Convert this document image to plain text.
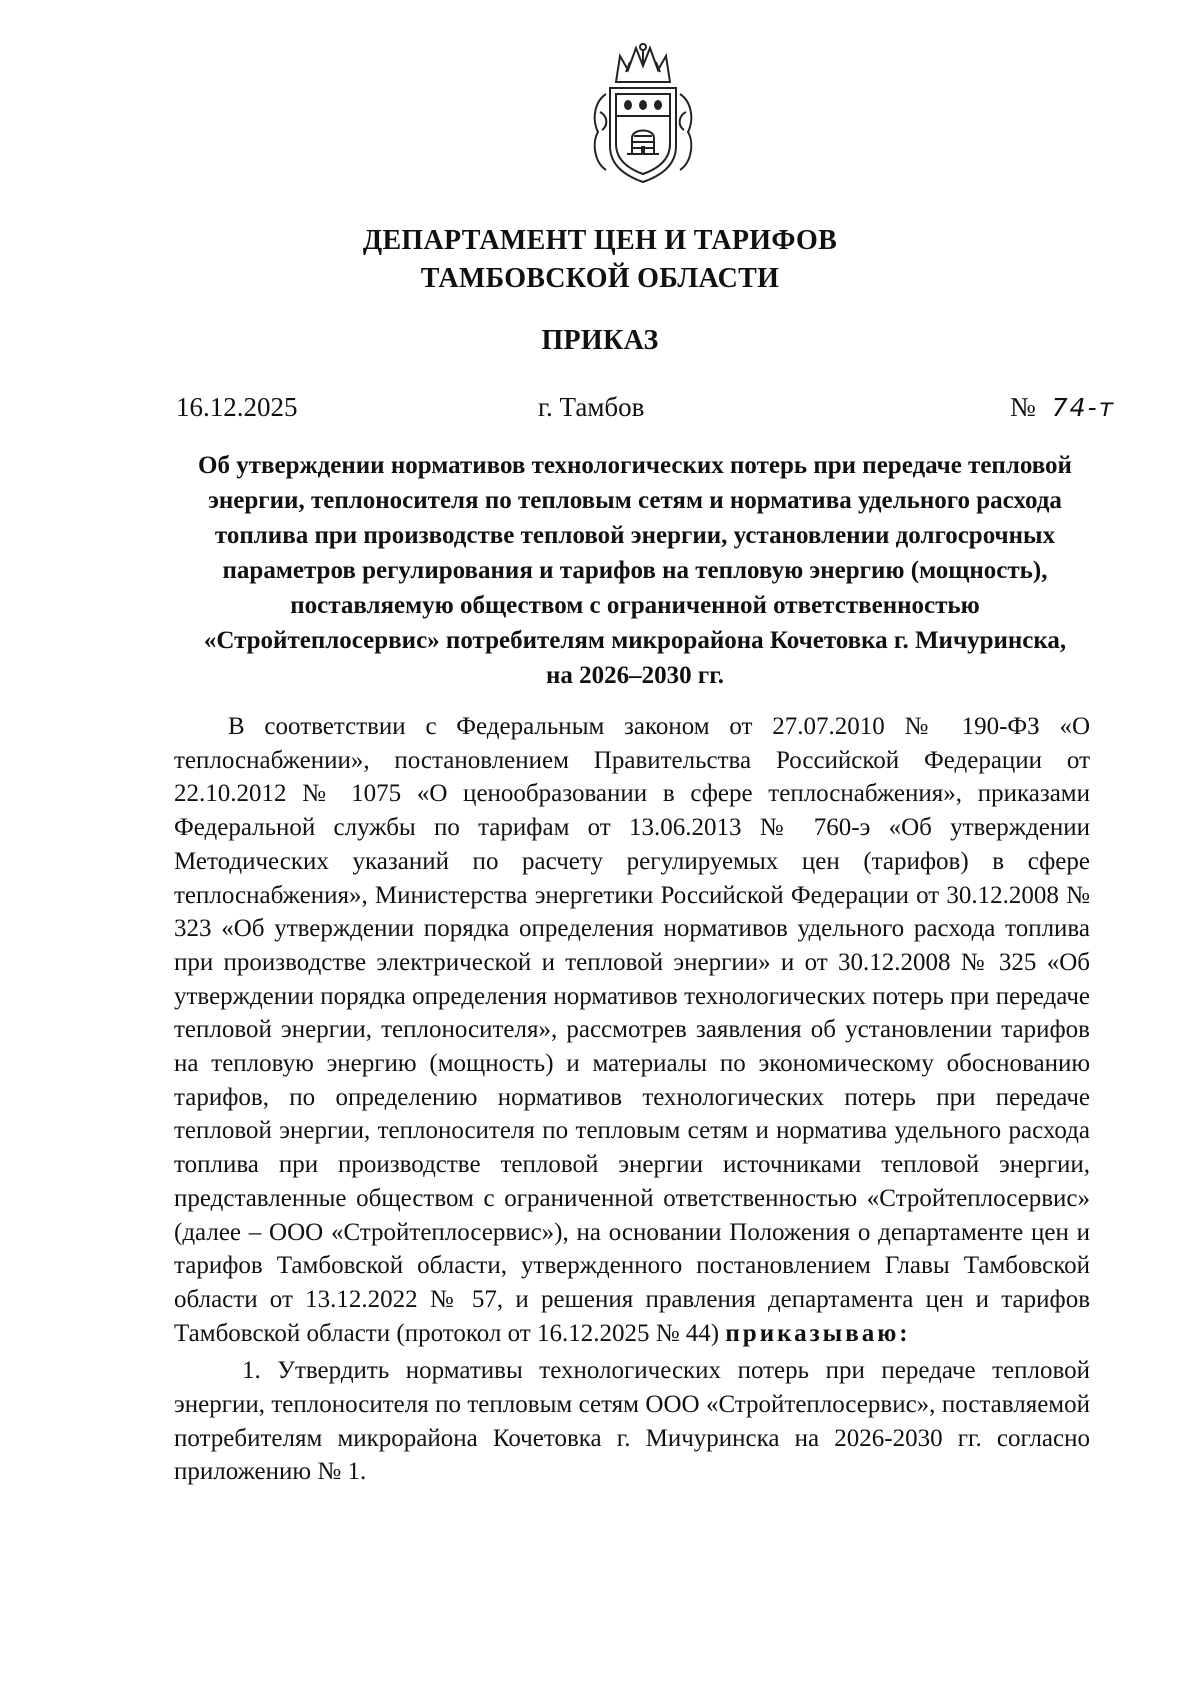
ДЕПАРТАМЕНТ ЦЕН И ТАРИФОВ
ТАМБОВСКОЙ ОБЛАСТИ
ПРИКАЗ
16.12.2025	г. Тамбов	№ 74-т
Об утверждении нормативов технологических потерь при передаче тепловой энергии, теплоносителя по тепловым сетям и норматива удельного расхода топлива при производстве тепловой энергии, установлении долгосрочных параметров регулирования и тарифов на тепловую энергию (мощность), поставляемую обществом с ограниченной ответственностью «Стройтеплосервис» потребителям микрорайона Кочетовка г. Мичуринска, на 2026–2030 гг.

В соответствии с Федеральным законом от 27.07.2010 № 190-ФЗ «О теплоснабжении», постановлением Правительства Российской Федерации от 22.10.2012 № 1075 «О ценообразовании в сфере теплоснабжения», приказами Федеральной службы по тарифам от 13.06.2013 № 760-э «Об утверждении Методических указаний по расчету регулируемых цен (тарифов) в сфере теплоснабжения», Министерства энергетики Российской Федерации от 30.12.2008 № 323 «Об утверждении порядка определения нормативов удельного расхода топлива при производстве электрической и тепловой энергии» и от 30.12.2008 № 325 «Об утверждении порядка определения нормативов технологических потерь при передаче тепловой энергии, теплоносителя», рассмотрев заявления об установлении тарифов на тепловую энергию (мощность) и материалы по экономическому обоснованию тарифов, по определению нормативов технологических потерь при передаче тепловой энергии, теплоносителя по тепловым сетям и норматива удельного расхода топлива при производстве тепловой энергии источниками тепловой энергии, представленные обществом с ограниченной ответственностью «Стройтеплосервис» (далее – ООО «Стройтеплосервис»), на основании Положения о департаменте цен и тарифов Тамбовской области, утвержденного постановлением Главы Тамбовской области от 13.12.2022 № 57, и решения правления департамента цен и тарифов Тамбовской области (протокол от 16.12.2025 № 44) приказываю:

1. Утвердить нормативы технологических потерь при передаче тепловой энергии, теплоносителя по тепловым сетям ООО «Стройтеплосервис», поставляемой потребителям микрорайона Кочетовка г. Мичуринска на 2026-2030 гг. согласно приложению № 1.
